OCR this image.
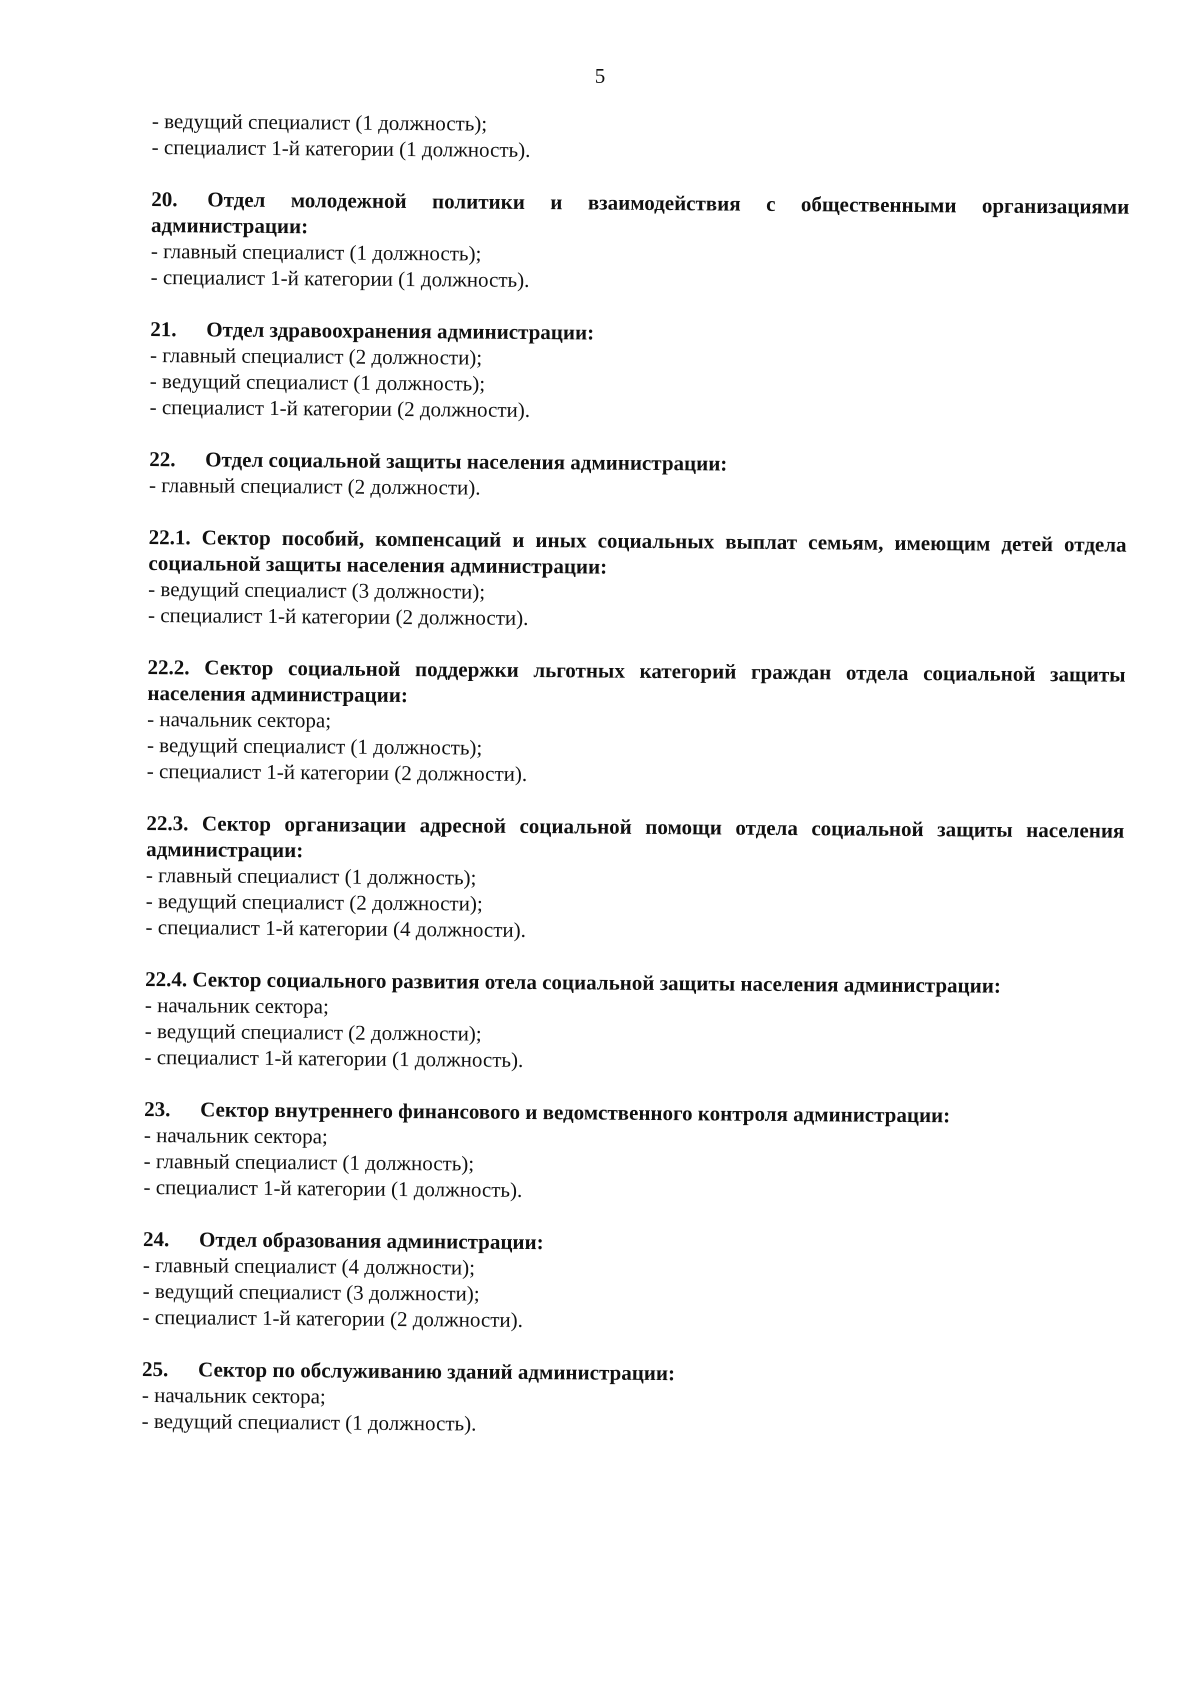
5

- ведущий специалист (1 должность);

- специалист 1-й категории (1 должность).

20. Отдел молодежной политики и взаимодействия с общественными организациями администрации:

- главный специалист (1 должность);

- специалист 1-й категории (1 должность).

21. Отдел здравоохранения администрации:

- главный специалист (2 должности);

- ведущий специалист (1 должность);

- специалист 1-й категории (2 должности).

22. Отдел социальной защиты населения администрации:

- главный специалист (2 должности).

22.1. Сектор пособий, компенсаций и иных социальных выплат семьям, имеющим детей отдела социальной защиты населения администрации:

- ведущий специалист (3 должности);

- специалист 1-й категории (2 должности).

22.2. Сектор социальной поддержки льготных категорий граждан отдела социальной защиты населения администрации:

- начальник сектора;

- ведущий специалист (1 должность);

- специалист 1-й категории (2 должности).

22.3. Сектор организации адресной социальной помощи отдела социальной защиты населения администрации:

- главный специалист (1 должность);

- ведущий специалист (2 должности);

- специалист 1-й категории (4 должности).

22.4. Сектор социального развития отела социальной защиты населения администрации:

- начальник сектора;

- ведущий специалист (2 должности);

- специалист 1-й категории (1 должность).

23. Сектор внутреннего финансового и ведомственного контроля администрации:

- начальник сектора;

- главный специалист (1 должность);

- специалист 1-й категории (1 должность).

24. Отдел образования администрации:

- главный специалист (4 должности);

- ведущий специалист (3 должности);

- специалист 1-й категории (2 должности).

25. Сектор по обслуживанию зданий администрации:

- начальник сектора;

- ведущий специалист (1 должность).
